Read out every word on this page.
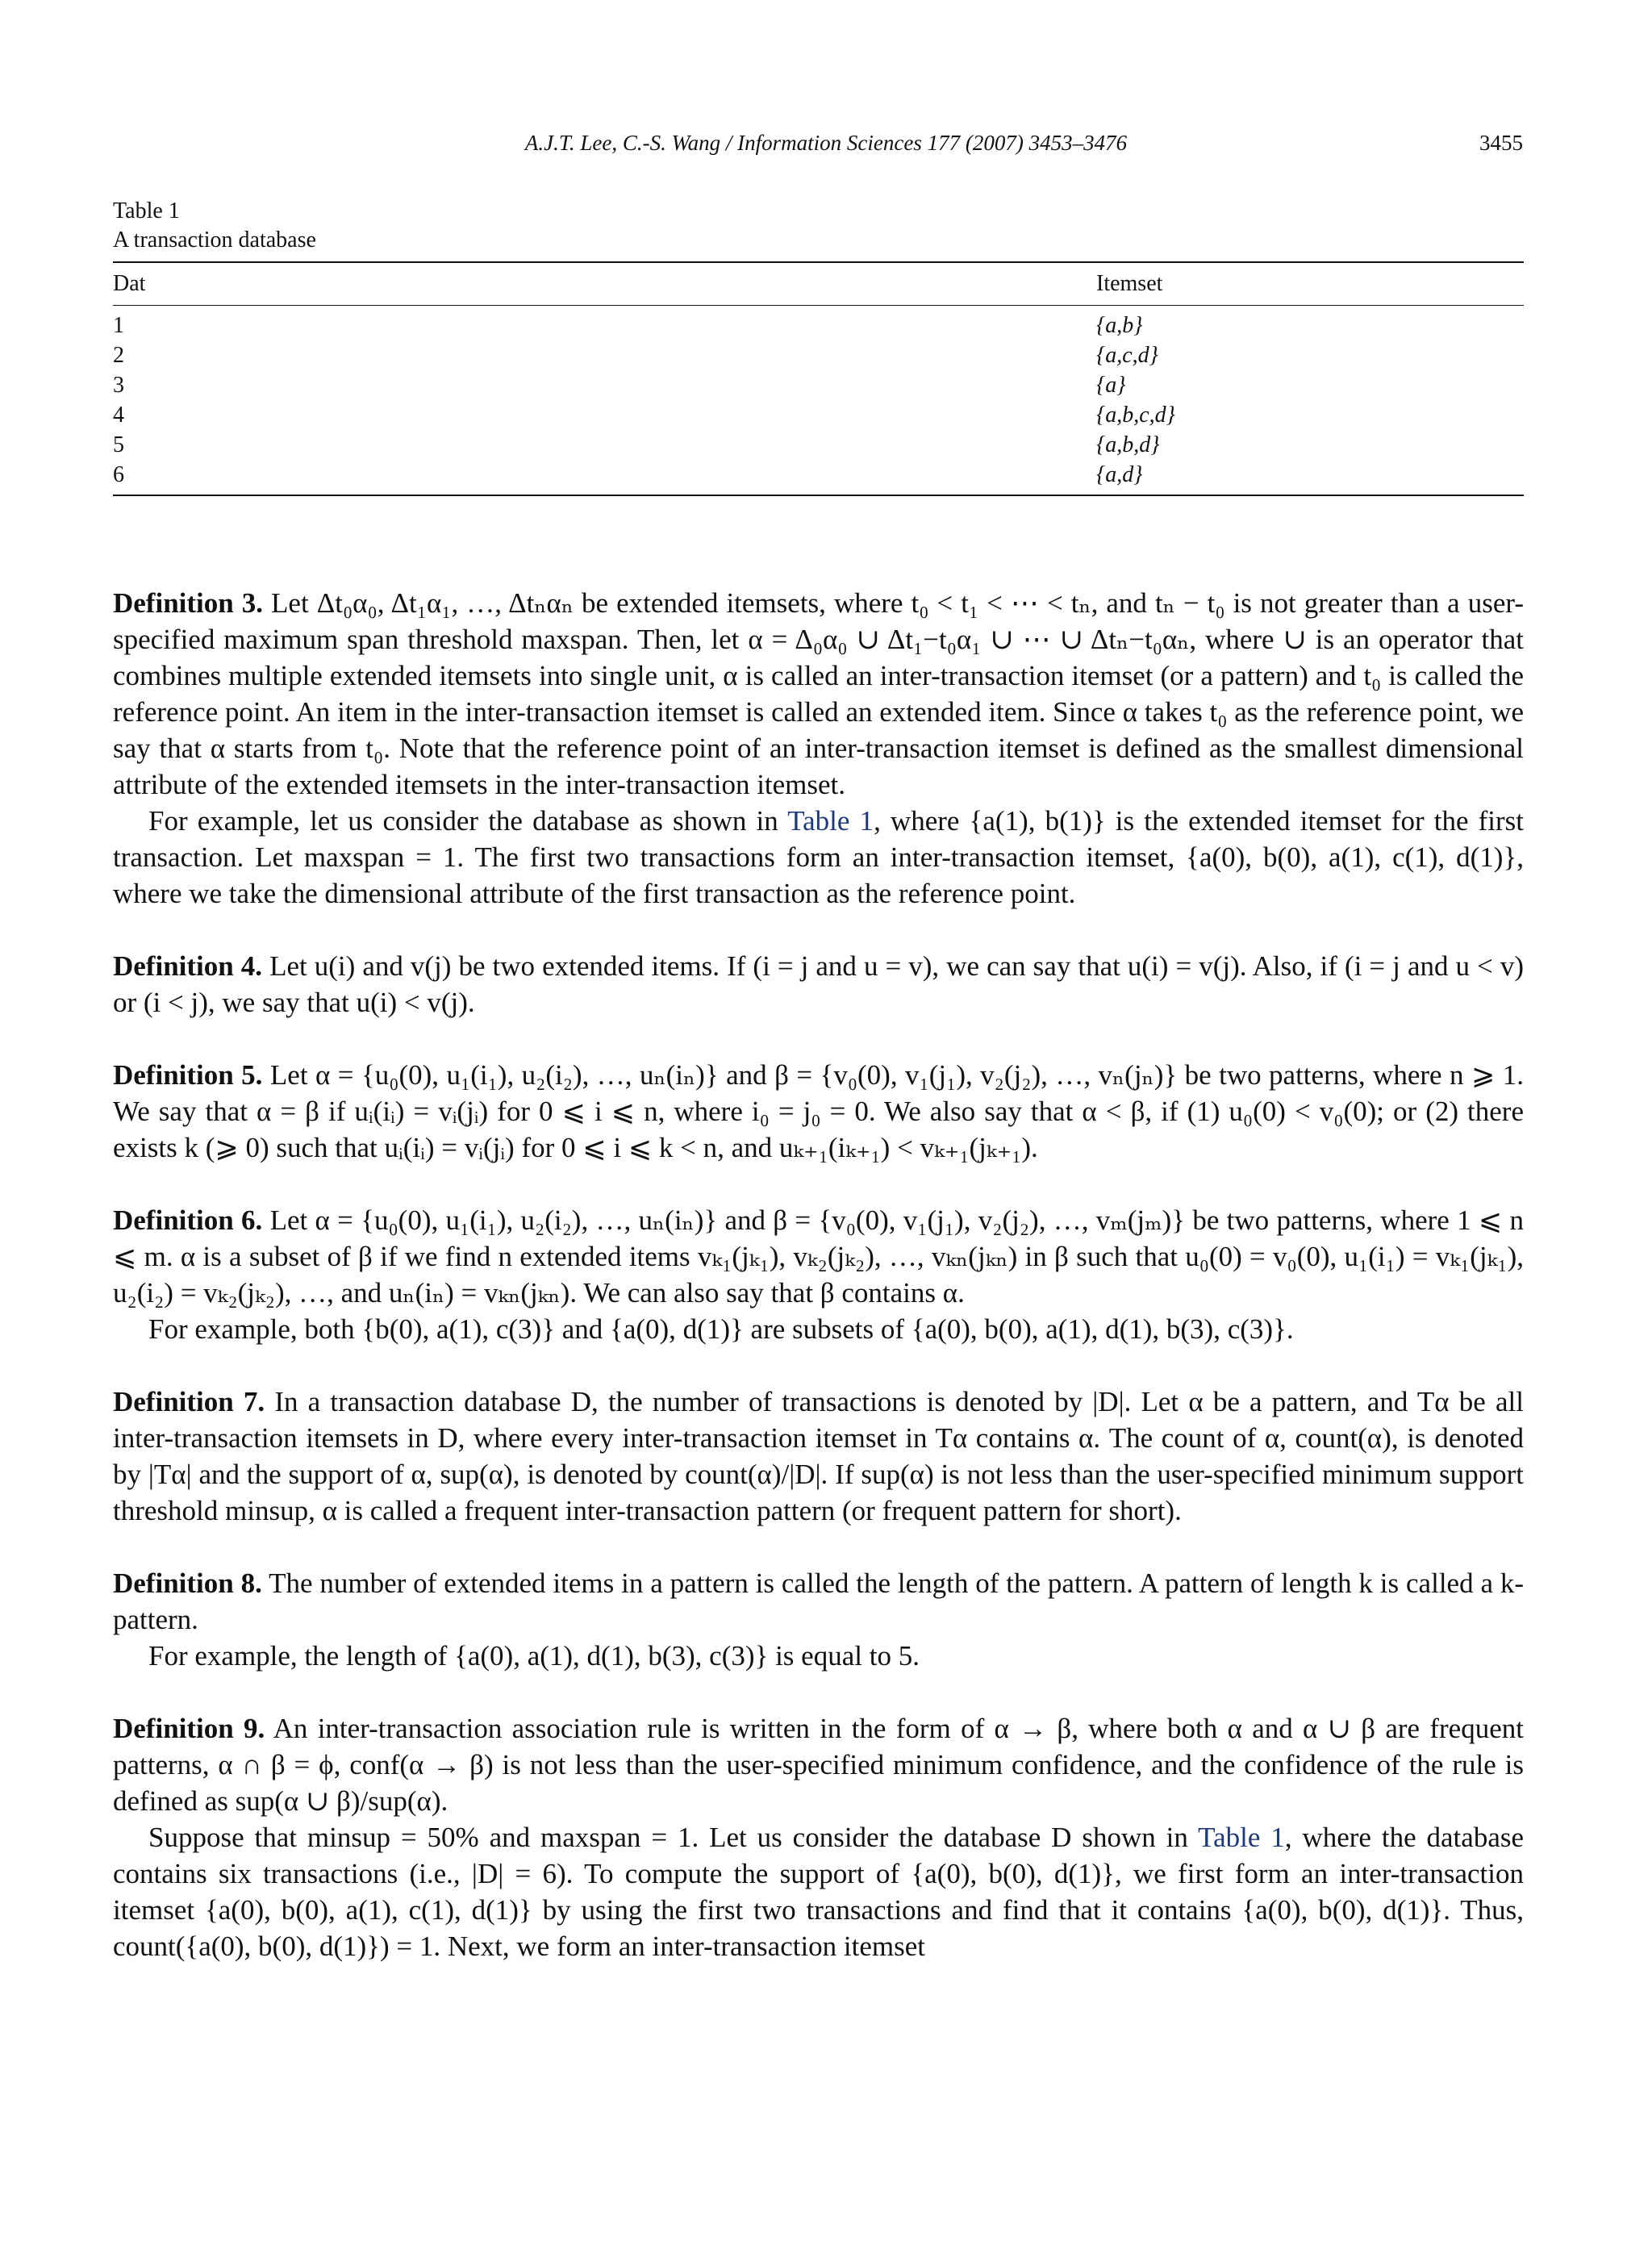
A.J.T. Lee, C.-S. Wang / Information Sciences 177 (2007) 3453–3476	3455
Table 1
A transaction database
Dat	Itemset
1	{a,b}
2	{a,c,d}
3	{a}
4	{a,b,c,d}
5	{a,b,d}
6	{a,d}

Definition 3. Let Δt₀α₀, Δt₁α₁, …, Δtₙαₙ be extended itemsets, where t₀ < t₁ < ⋯ < tₙ, and tₙ − t₀ is not greater than a user-specified maximum span threshold maxspan. Then, let α = Δ₀α₀ ∪ Δt₁−t₀α₁ ∪ ⋯ ∪ Δtₙ−t₀αₙ, where ∪ is an operator that combines multiple extended itemsets into single unit, α is called an inter-transaction itemset (or a pattern) and t₀ is called the reference point. An item in the inter-transaction itemset is called an extended item. Since α takes t₀ as the reference point, we say that α starts from t₀. Note that the reference point of an inter-transaction itemset is defined as the smallest dimensional attribute of the extended itemsets in the inter-transaction itemset.

For example, let us consider the database as shown in Table 1, where {a(1), b(1)} is the extended itemset for the first transaction. Let maxspan = 1. The first two transactions form an inter-transaction itemset, {a(0), b(0), a(1), c(1), d(1)}, where we take the dimensional attribute of the first transaction as the reference point.

Definition 4. Let u(i) and v(j) be two extended items. If (i = j and u = v), we can say that u(i) = v(j). Also, if (i = j and u < v) or (i < j), we say that u(i) < v(j).

Definition 5. Let α = {u₀(0), u₁(i₁), u₂(i₂), …, uₙ(iₙ)} and β = {v₀(0), v₁(j₁), v₂(j₂), …, vₙ(jₙ)} be two patterns, where n ⩾ 1. We say that α = β if uᵢ(iᵢ) = vᵢ(jᵢ) for 0 ⩽ i ⩽ n, where i₀ = j₀ = 0. We also say that α < β, if (1) u₀(0) < v₀(0); or (2) there exists k (⩾ 0) such that uᵢ(iᵢ) = vᵢ(jᵢ) for 0 ⩽ i ⩽ k < n, and uₖ₊₁(iₖ₊₁) < vₖ₊₁(jₖ₊₁).

Definition 6. Let α = {u₀(0), u₁(i₁), u₂(i₂), …, uₙ(iₙ)} and β = {v₀(0), v₁(j₁), v₂(j₂), …, vₘ(jₘ)} be two patterns, where 1 ⩽ n ⩽ m. α is a subset of β if we find n extended items vₖ₁(jₖ₁), vₖ₂(jₖ₂), …, vₖₙ(jₖₙ) in β such that u₀(0) = v₀(0), u₁(i₁) = vₖ₁(jₖ₁), u₂(i₂) = vₖ₂(jₖ₂), …, and uₙ(iₙ) = vₖₙ(jₖₙ). We can also say that β contains α.

For example, both {b(0), a(1), c(3)} and {a(0), d(1)} are subsets of {a(0), b(0), a(1), d(1), b(3), c(3)}.

Definition 7. In a transaction database D, the number of transactions is denoted by |D|. Let α be a pattern, and Tα be all inter-transaction itemsets in D, where every inter-transaction itemset in Tα contains α. The count of α, count(α), is denoted by |Tα| and the support of α, sup(α), is denoted by count(α)/|D|. If sup(α) is not less than the user-specified minimum support threshold minsup, α is called a frequent inter-transaction pattern (or frequent pattern for short).

Definition 8. The number of extended items in a pattern is called the length of the pattern. A pattern of length k is called a k-pattern.

For example, the length of {a(0), a(1), d(1), b(3), c(3)} is equal to 5.

Definition 9. An inter-transaction association rule is written in the form of α → β, where both α and α ∪ β are frequent patterns, α ∩ β = ϕ, conf(α → β) is not less than the user-specified minimum confidence, and the confidence of the rule is defined as sup(α ∪ β)/sup(α).

Suppose that minsup = 50% and maxspan = 1. Let us consider the database D shown in Table 1, where the database contains six transactions (i.e., |D| = 6). To compute the support of {a(0), b(0), d(1)}, we first form an inter-transaction itemset {a(0), b(0), a(1), c(1), d(1)} by using the first two transactions and find that it contains {a(0), b(0), d(1)}. Thus, count({a(0), b(0), d(1)}) = 1. Next, we form an inter-transaction itemset
